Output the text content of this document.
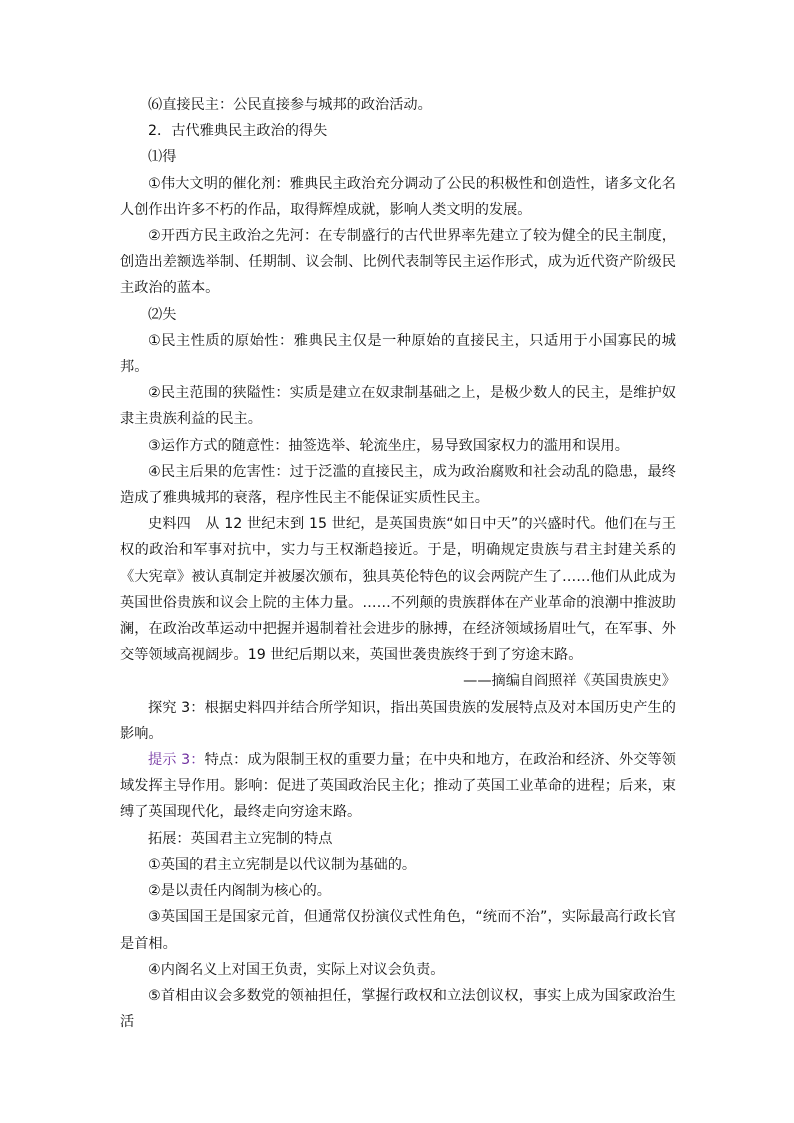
⑹直接民主：公民直接参与城邦的政治活动。

2．古代雅典民主政治的得失

⑴得

①伟大文明的催化剂：雅典民主政治充分调动了公民的积极性和创造性，诸多文化名人创作出许多不朽的作品，取得辉煌成就，影响人类文明的发展。

②开西方民主政治之先河：在专制盛行的古代世界率先建立了较为健全的民主制度，创造出差额选举制、任期制、议会制、比例代表制等民主运作形式，成为近代资产阶级民主政治的蓝本。

⑵失

①民主性质的原始性：雅典民主仅是一种原始的直接民主，只适用于小国寡民的城邦。

②民主范围的狭隘性：实质是建立在奴隶制基础之上，是极少数人的民主，是维护奴隶主贵族利益的民主。

③运作方式的随意性：抽签选举、轮流坐庄，易导致国家权力的滥用和误用。

④民主后果的危害性：过于泛滥的直接民主，成为政治腐败和社会动乱的隐患，最终造成了雅典城邦的衰落，程序性民主不能保证实质性民主。

史料四　从 12 世纪末到 15 世纪，是英国贵族“如日中天”的兴盛时代。他们在与王权的政治和军事对抗中，实力与王权渐趋接近。于是，明确规定贵族与君主封建关系的《大宪章》被认真制定并被屡次颁布，独具英伦特色的议会两院产生了……他们从此成为英国世俗贵族和议会上院的主体力量。……不列颠的贵族群体在产业革命的浪潮中推波助澜，在政治改革运动中把握并遏制着社会进步的脉搏，在经济领域扬眉吐气，在军事、外交等领域高视阔步。19 世纪后期以来，英国世袭贵族终于到了穷途末路。

——摘编自阎照祥《英国贵族史》

探究 3：根据史料四并结合所学知识，指出英国贵族的发展特点及对本国历史产生的影响。

提示 3：特点：成为限制王权的重要力量；在中央和地方，在政治和经济、外交等领域发挥主导作用。影响：促进了英国政治民主化；推动了英国工业革命的进程；后来，束缚了英国现代化，最终走向穷途末路。

拓展：英国君主立宪制的特点

①英国的君主立宪制是以代议制为基础的。

②是以责任内阁制为核心的。

③英国国王是国家元首，但通常仅扮演仪式性角色，“统而不治”，实际最高行政长官是首相。

④内阁名义上对国王负责，实际上对议会负责。

⑤首相由议会多数党的领袖担任，掌握行政权和立法创议权，事实上成为国家政治生活
